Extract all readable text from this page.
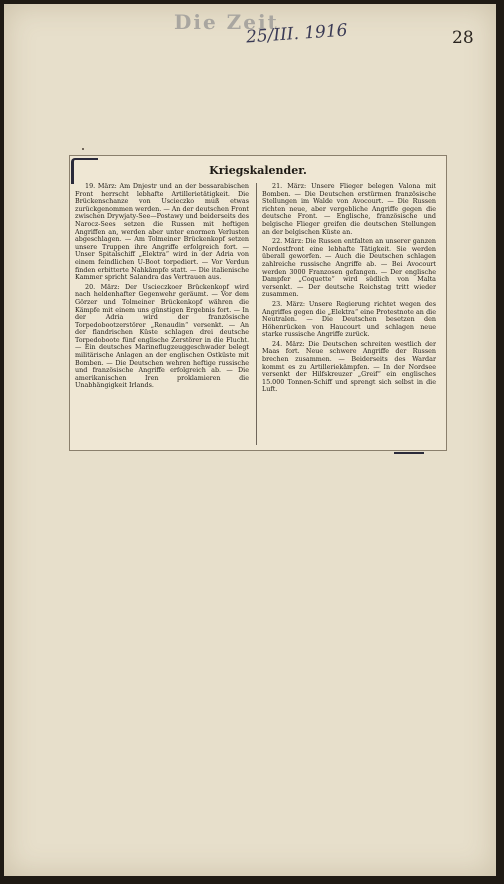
Die Zeit
25/III. 1916	28
Kriegskalender.

19. März: Am Dnjestr und an der bessarabischen Front herrscht lebhafte Artillerietätigkeit. Die Brückenschanze von Uscieczko muß etwas zurückgenommen werden. — An der deutschen Front zwischen Drywjaty-See—Postawy und beiderseits des Narocz-Sees setzen die Russen mit heftigen Angriffen an, werden aber unter enormen Verlusten abgeschlagen. — Am Tolmeiner Brückenkopf setzen unsere Truppen ihre Angriffe erfolgreich fort. — Unser Spitalschiff „Elektra“ wird in der Adria von einem feindlichen U-Boot torpediert. — Vor Verdun finden erbitterte Nahkämpfe statt. — Die italienische Kammer spricht Salandra das Vertrauen aus.

20. März: Der Uscieczkoer Brückenkopf wird nach heldenhafter Gegenwehr geräumt. — Vor dem Görzer und Tolmeiner Brückenkopf währen die Kämpfe mit einem uns günstigen Ergebnis fort. — In der Adria wird der französische Torpedobootzerstörer „Renaudin“ versenkt. — An der flandrischen Küste schlagen drei deutsche Torpedoboote fünf englische Zerstörer in die Flucht. — Ein deutsches Marineflugzeuggeschwader belegt militärische Anlagen an der englischen Ostküste mit Bomben. — Die Deutschen wehren heftige russische und französische Angriffe erfolgreich ab. — Die amerikanischen Iren proklamieren die Unabhängigkeit Irlands.

21. März: Unsere Flieger belegen Valona mit Bomben. — Die Deutschen erstürmen französische Stellungen im Walde von Avocourt. — Die Russen richten neue, aber vergebliche Angriffe gegen die deutsche Front. — Englische, französische und belgische Flieger greifen die deutschen Stellungen an der belgischen Küste an.

22. März: Die Russen entfalten an unserer ganzen Nordostfront eine lebhafte Tätigkeit. Sie werden überall geworfen. — Auch die Deutschen schlagen zahlreiche russische Angriffe ab. — Bei Avocourt werden 3000 Franzosen gefangen. — Der englische Dampfer „Coquette“ wird südlich von Malta versenkt. — Der deutsche Reichstag tritt wieder zusammen.

23. März: Unsere Regierung richtet wegen des Angriffes gegen die „Elektra“ eine Protestnote an die Neutralen. — Die Deutschen besetzen den Höhenrücken von Haucourt und schlagen neue starke russische Angriffe zurück.

24. März: Die Deutschen schreiten westlich der Maas fort. Neue schwere Angriffe der Russen brechen zusammen. — Beiderseits des Wardar kommt es zu Artilleriekämpfen. — In der Nordsee versenkt der Hilfskreuzer „Greif“ ein englisches 15.000 Tonnen-Schiff und sprengt sich selbst in die Luft.
